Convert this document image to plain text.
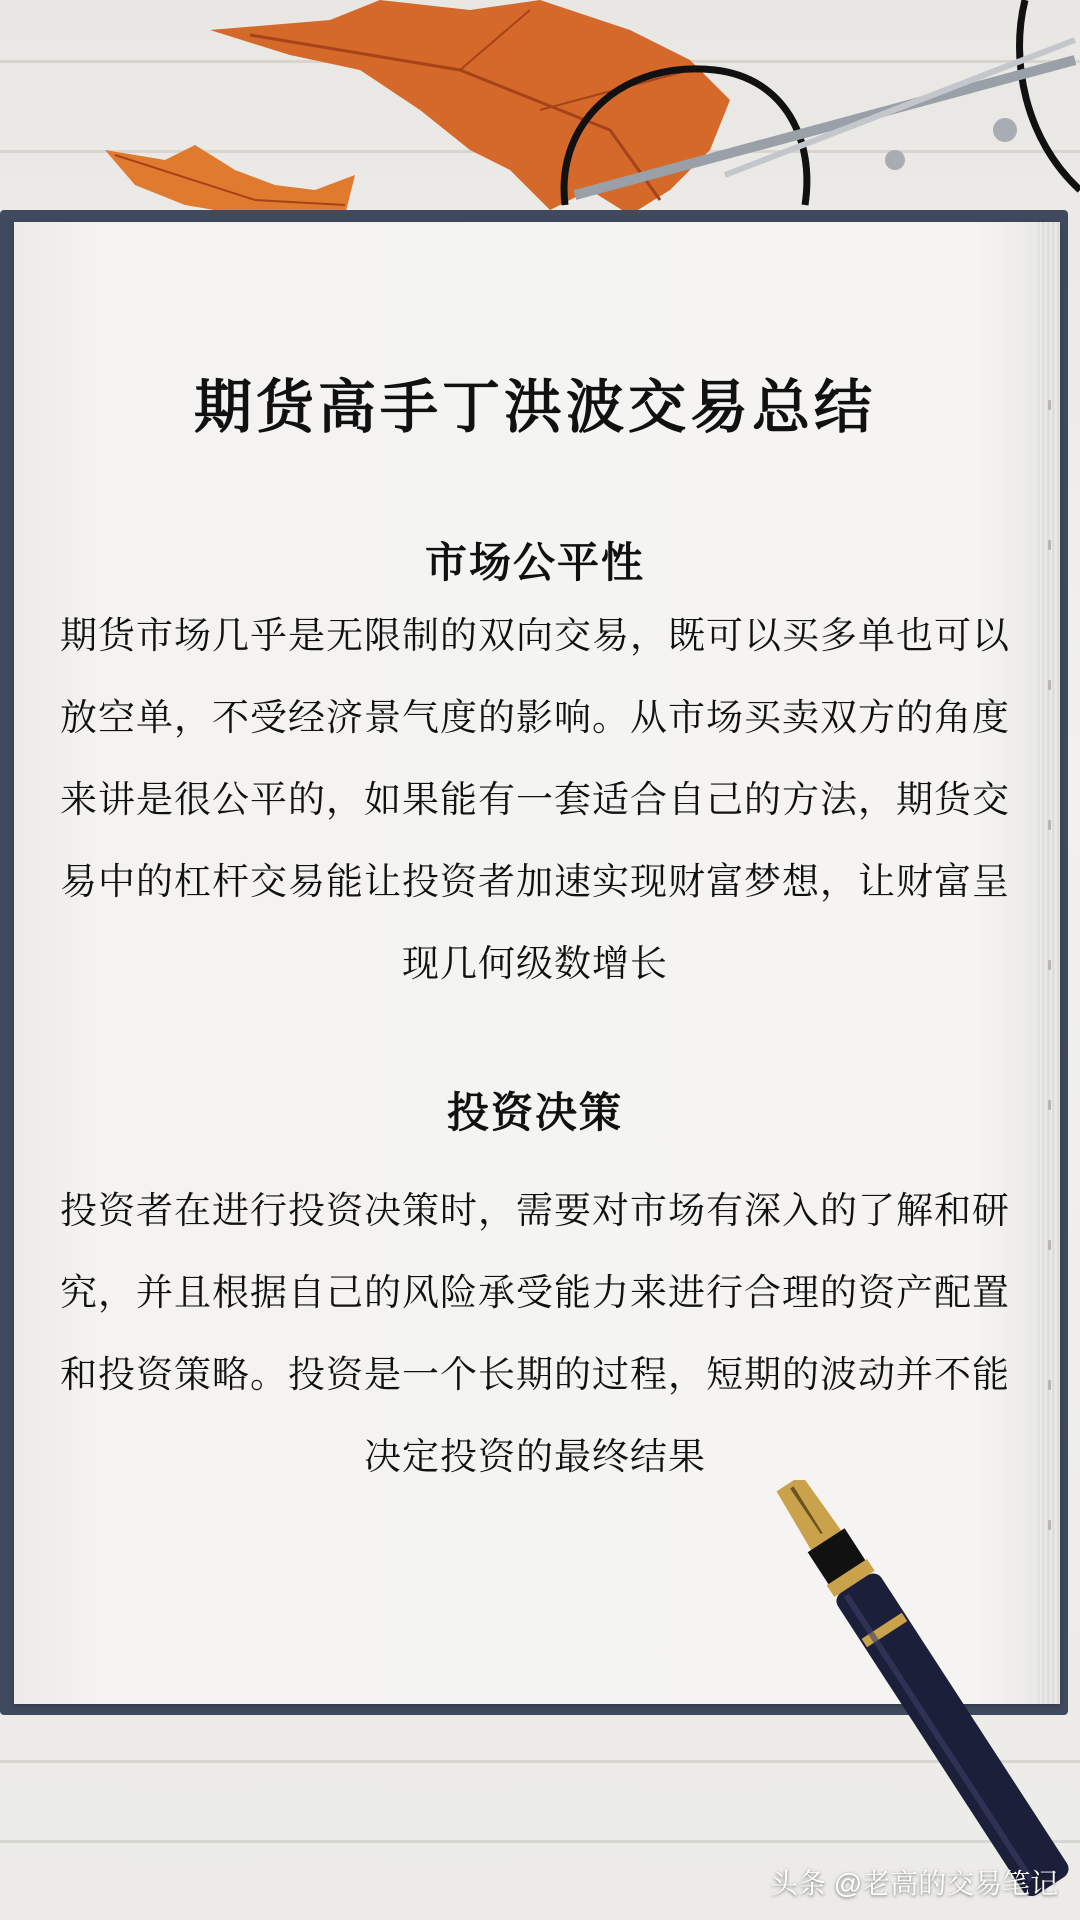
期货高手丁洪波交易总结
市场公平性

期货市场几乎是无限制的双向交易，既可以买多单也可以放空单，不受经济景气度的影响。从市场买卖双方的角度来讲是很公平的，如果能有一套适合自己的方法，期货交易中的杠杆交易能让投资者加速实现财富梦想，让财富呈现几何级数增长

投资决策

投资者在进行投资决策时，需要对市场有深入的了解和研究，并且根据自己的风险承受能力来进行合理的资产配置和投资策略。投资是一个长期的过程，短期的波动并不能决定投资的最终结果

头条 @老高的交易笔记
